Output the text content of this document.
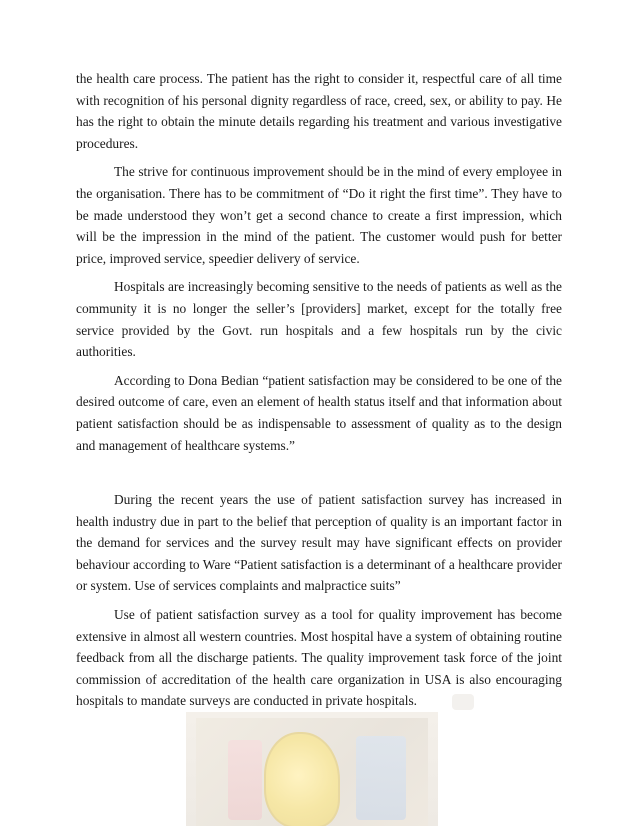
the health care process. The patient has the right to consider it, respectful care of all time with recognition of his personal dignity regardless of race, creed, sex, or ability to pay. He has the right to obtain the minute details regarding his treatment and various investigative procedures.

The strive for continuous improvement should be in the mind of every employee in the organisation. There has to be commitment of “Do it right the first time”. They have to be made understood they won’t get a second chance to create a first impression, which will be the impression in the mind of the patient. The customer would push for better price, improved service, speedier delivery of service.

Hospitals are increasingly becoming sensitive to the needs of patients as well as the community it is no longer the seller’s [providers] market, except for the totally free service provided by the Govt. run hospitals and a few hospitals run by the civic authorities.

According to Dona Bedian “patient satisfaction may be considered to be one of the desired outcome of care, even an element of health status itself and that information about patient satisfaction should be as indispensable to assessment of quality as to the design and management of healthcare systems.”

During the recent years the use of patient satisfaction survey has increased in health industry due in part to the belief that perception of quality is an important factor in the demand for services and the survey result may have significant effects on provider behaviour according to Ware “Patient satisfaction is a determinant of a healthcare provider or system. Use of services complaints and malpractice suits”

Use of patient satisfaction survey as a tool for quality improvement has become extensive in almost all western countries. Most hospital have a system of obtaining routine feedback from all the discharge patients. The quality improvement task force of the joint commission of accreditation of the health care organization in USA is also encouraging hospitals to mandate surveys are conducted in private hospitals.
